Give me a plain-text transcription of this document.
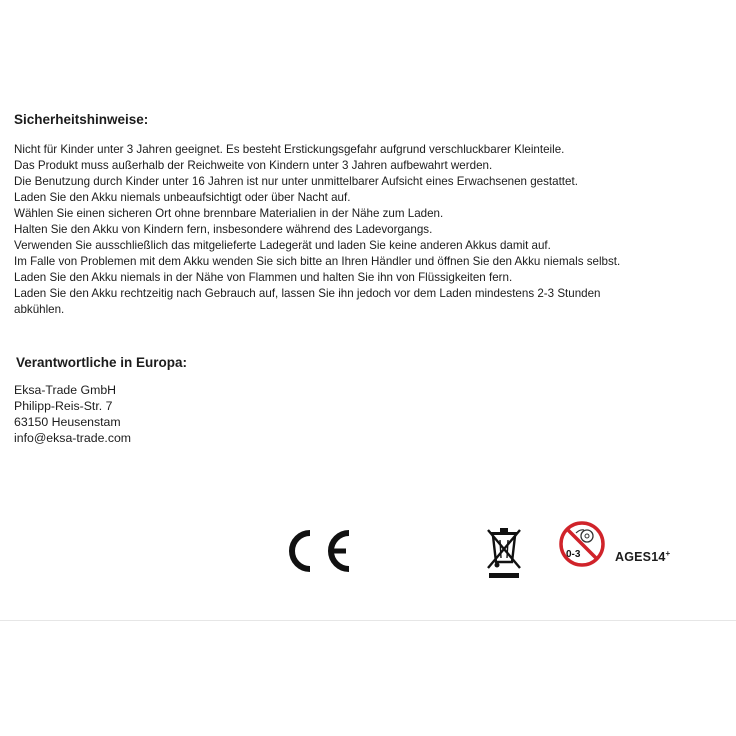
Sicherheitshinweise:
Nicht für Kinder unter 3 Jahren geeignet. Es besteht Erstickungsgefahr aufgrund verschluckbarer Kleinteile.
Das Produkt muss außerhalb der Reichweite von Kindern unter 3 Jahren aufbewahrt werden.
Die Benutzung durch Kinder unter 16 Jahren ist nur unter unmittelbarer Aufsicht eines Erwachsenen gestattet.
Laden Sie den Akku niemals unbeaufsichtigt oder über Nacht auf.
Wählen Sie einen sicheren Ort ohne brennbare Materialien in der Nähe zum Laden.
Halten Sie den Akku von Kindern fern, insbesondere während des Ladevorgangs.
Verwenden Sie ausschließlich das mitgelieferte Ladegerät und laden Sie keine anderen Akkus damit auf.
Im Falle von Problemen mit dem Akku wenden Sie sich bitte an Ihren Händler und öffnen Sie den Akku niemals selbst.
Laden Sie den Akku niemals in der Nähe von Flammen und halten Sie ihn von Flüssigkeiten fern.
Laden Sie den Akku rechtzeitig nach Gebrauch auf, lassen Sie ihn jedoch vor dem Laden mindestens 2-3 Stunden
abkühlen.
Verantwortliche in Europa:
Eksa-Trade GmbH
Philipp-Reis-Str. 7
63150 Heusenstam
info@eksa-trade.com
0-3	AGES14+
